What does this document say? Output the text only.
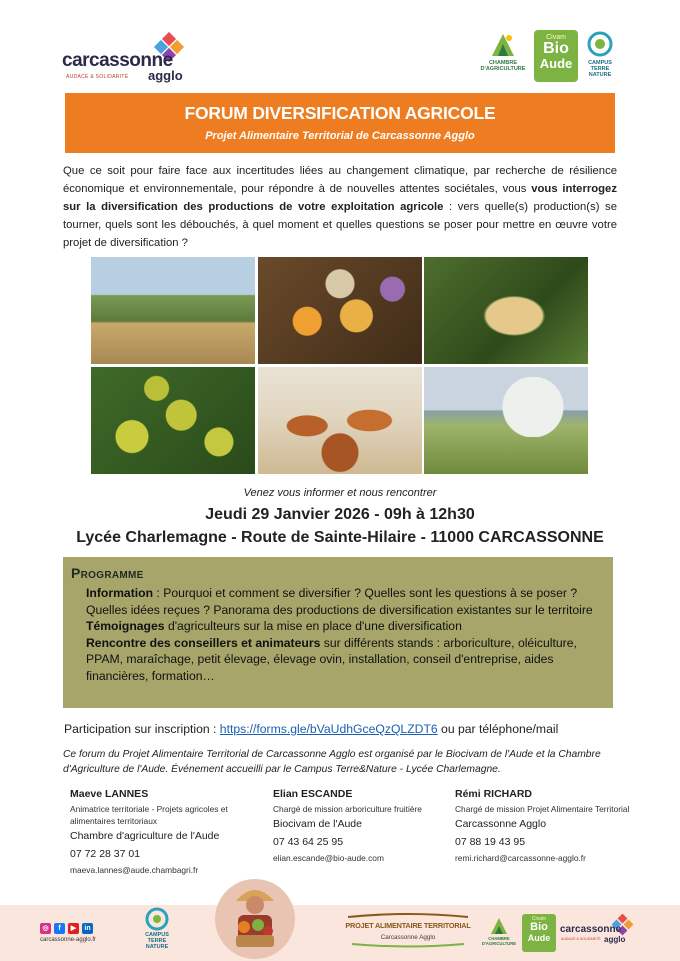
carcassonne
AUDACE & SOLIDARITÉ agglo
CHAMBRE
D'AGRICULTURE
Civam
Bio
Aude	CAMPUS
TERRE
NATURE
FORUM DIVERSIFICATION AGRICOLE
Projet Alimentaire Territorial de Carcassonne Agglo
Que ce soit pour faire face aux incertitudes liées au changement climatique, par recherche de résilience économique et environnementale, pour répondre à de nouvelles attentes sociétales, vous vous interrogez sur la diversification des productions de votre exploitation agricole : vers quelle(s) production(s) se tourner, quels sont les débouchés, à quel moment et quelles questions se poser pour mettre en œuvre votre projet de diversification ?
Venez vous informer et nous rencontrer
Jeudi 29 Janvier 2026 - 09h à 12h30
Lycée Charlemagne - Route de Sainte-Hilaire - 11000 CARCASSONNE
Programme
Information : Pourquoi et comment se diversifier ? Quelles sont les questions à se poser ? Quelles idées reçues ? Panorama des productions de diversification existantes sur le territoire
Témoignages d'agriculteurs sur la mise en place d'une diversification
Rencontre des conseillers et animateurs sur différents stands : arboriculture, oléiculture, PPAM, maraîchage, petit élevage, élevage ovin, installation, conseil d'entreprise, aides financières, formation…
Participation sur inscription : https://forms.gle/bVaUdhGceQzQLZDT6 ou par téléphone/mail
Ce forum du Projet Alimentaire Territorial de Carcassonne Agglo est organisé par le Biocivam de l'Aude et la Chambre d'Agriculture de l'Aude. Événement accueilli par le Campus Terre&Nature - Lycée Charlemagne.
Maeve LANNES
Animatrice territoriale - Projets agricoles et alimentaires territoriaux
Chambre d'agriculture de l'Aude
07 72 28 37 01
maeva.lannes@aude.chambagri.fr
Elian ESCANDE
Chargé de mission arboriculture fruitière
Biocivam de l'Aude
07 43 64 25 95
elian.escande@bio-aude.com
Rémi RICHARD
Chargé de mission Projet Alimentaire Territorial
Carcassonne Agglo
07 88 19 43 95
remi.richard@carcassonne-agglo.fr
◎	f	▶	in
carcassonne-agglo.fr
CAMPUS
TERRE
NATURE
PROJET ALIMENTAIRE TERRITORIAL
Carcassonne Agglo	CHAMBRE
D'AGRICULTURE
Civam
Bio
Aude
carcassonne
AUDACE & SOLIDARITÉ agglo
